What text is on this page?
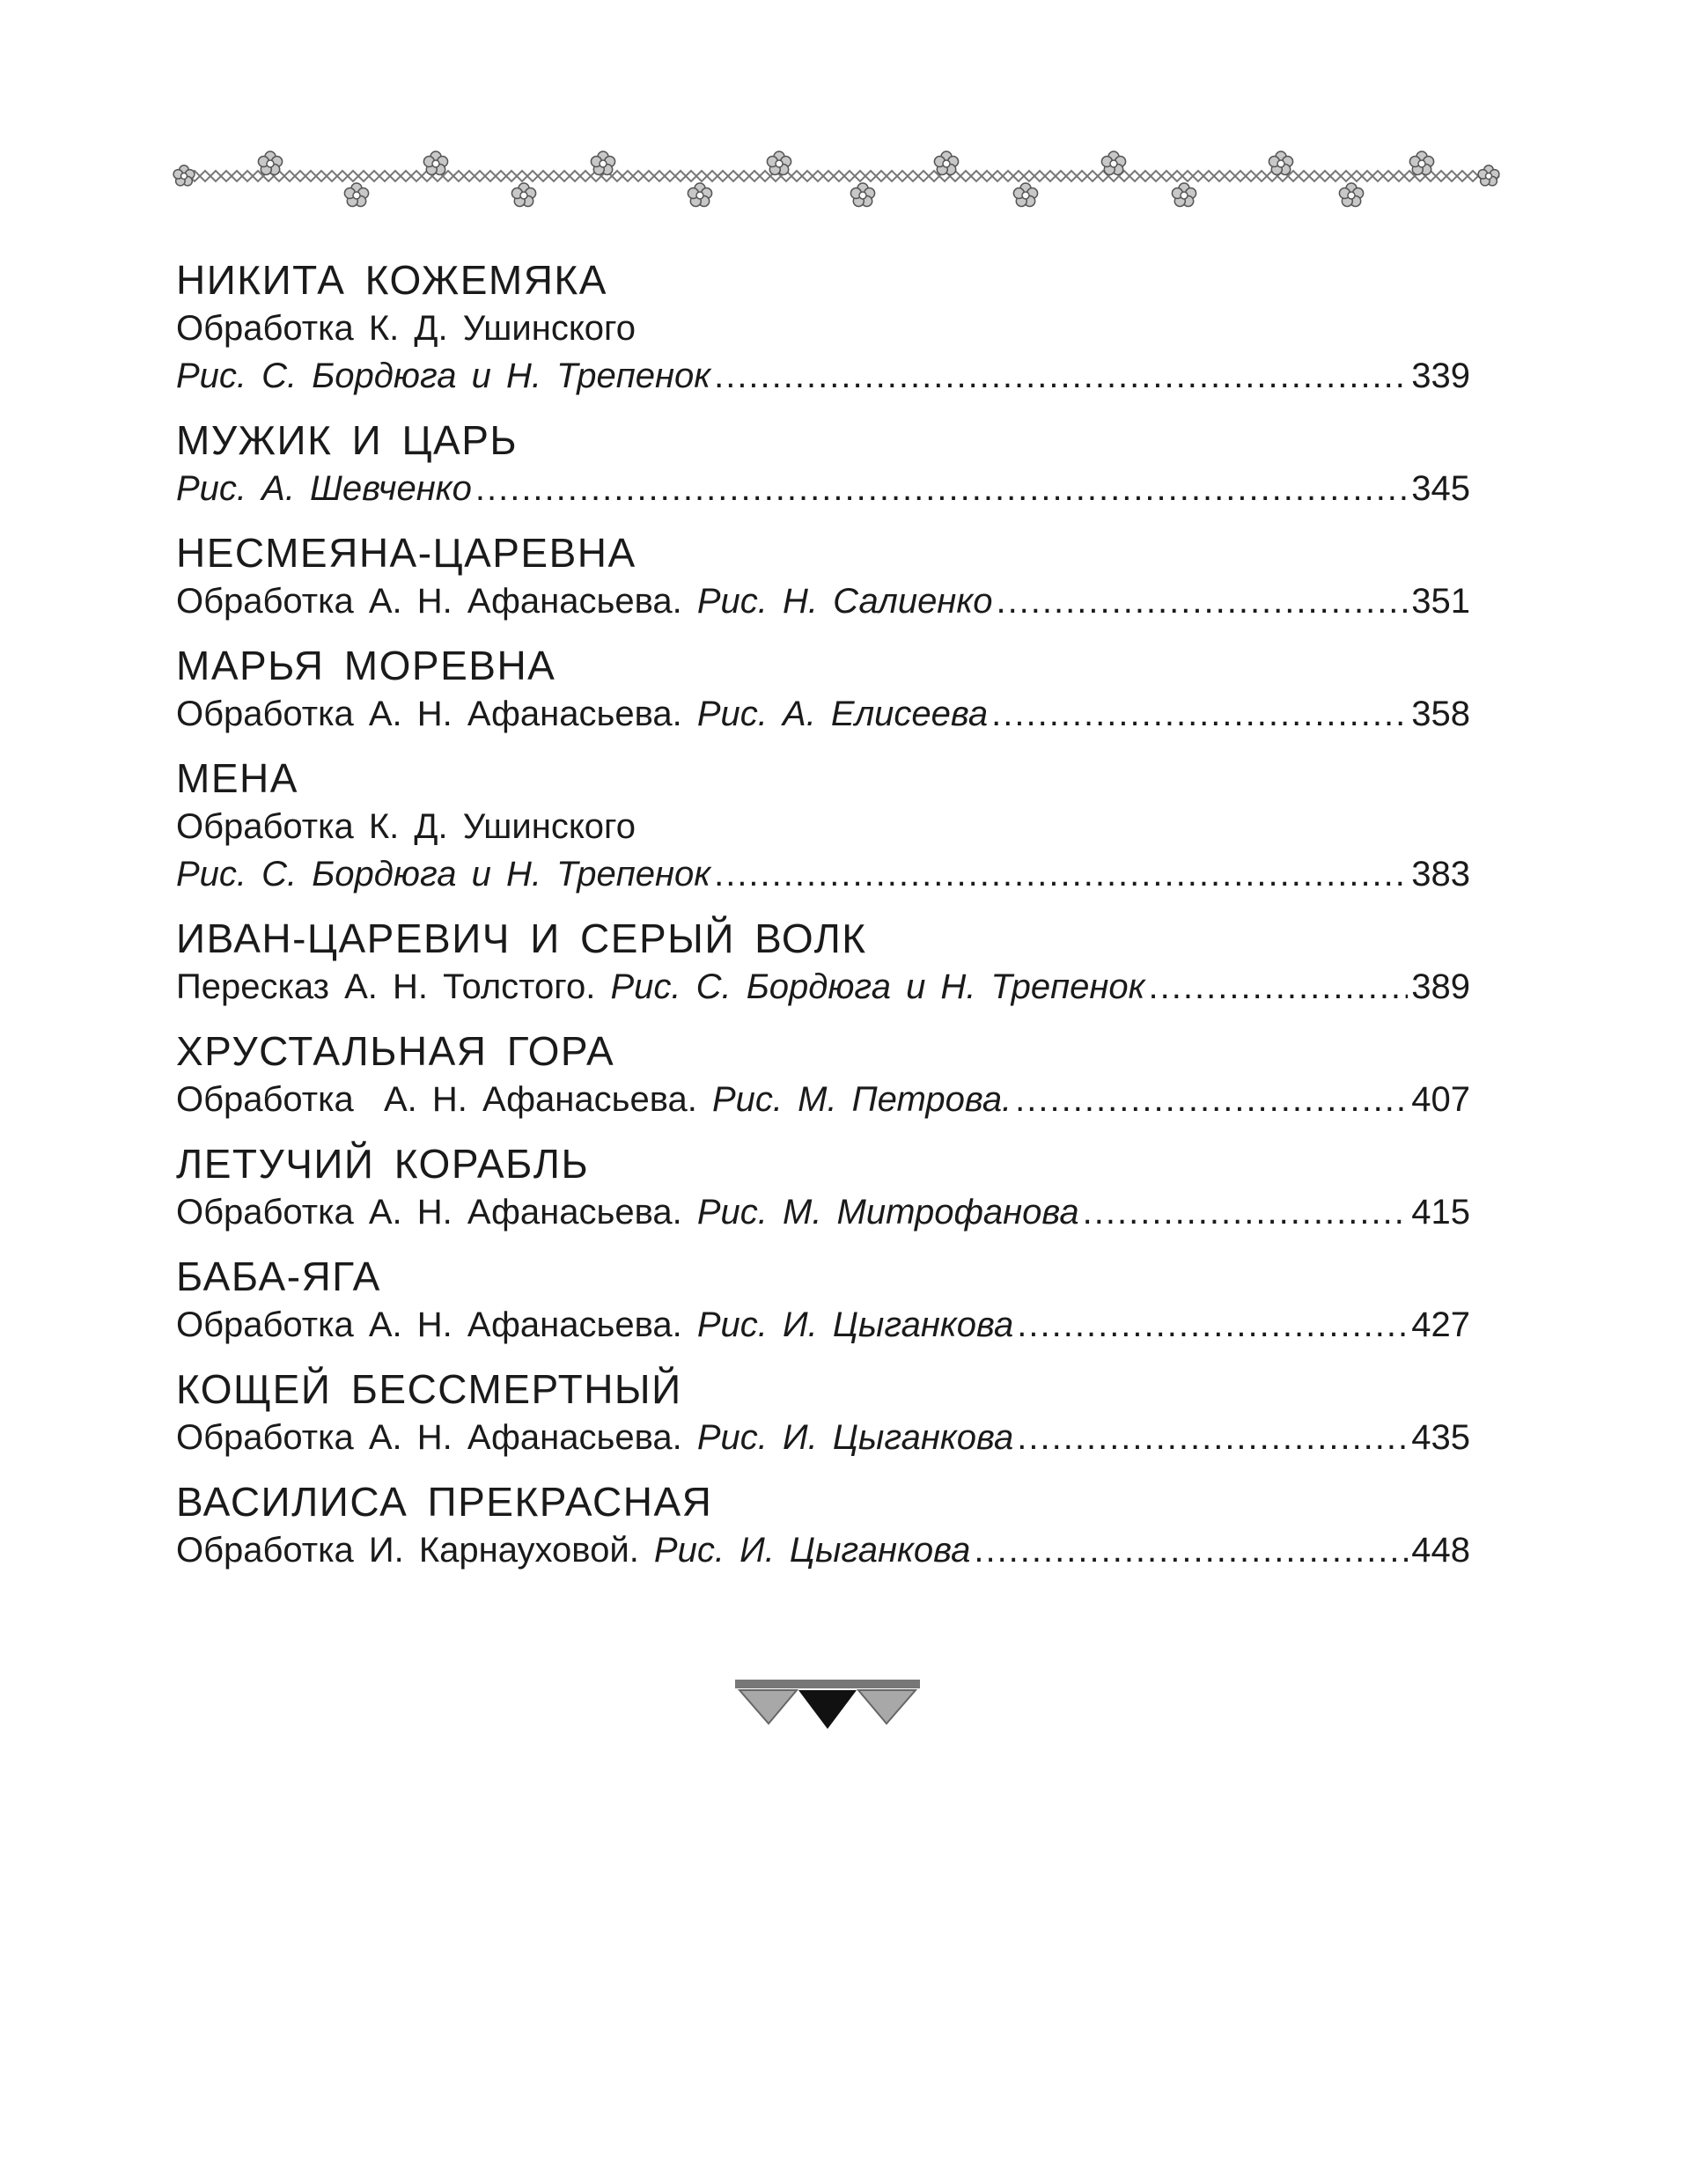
НИКИТА КОЖЕМЯКА
Обработка К. Д. Ушинского
Рис. С. Бордюга и Н. Трепенок .....	339
МУЖИК И ЦАРЬ
Рис. А. Шевченко .....	345
НЕСМЕЯНА-ЦАРЕВНА
Обработка А. Н. Афанасьева. Рис. Н. Салиенко .....	351
МАРЬЯ МОРЕВНА
Обработка А. Н. Афанасьева. Рис. А. Елисеева .....	358
МЕНА
Обработка К. Д. Ушинского
Рис. С. Бордюга и Н. Трепенок .....	383
ИВАН-ЦАРЕВИЧ И СЕРЫЙ ВОЛК
Пересказ А. Н. Толстого. Рис. С. Бордюга и Н. Трепенок .....	389
ХРУСТАЛЬНАЯ ГОРА
Обработка  А. Н. Афанасьева. Рис. М. Петрова. .....	407
ЛЕТУЧИЙ КОРАБЛЬ
Обработка А. Н. Афанасьева. Рис. М. Митрофанова .....	415
БАБА-ЯГА
Обработка А. Н. Афанасьева. Рис. И. Цыганкова .....	427
КОЩЕЙ БЕССМЕРТНЫЙ
Обработка А. Н. Афанасьева. Рис. И. Цыганкова .....	435
ВАСИЛИСА ПРЕКРАСНАЯ
Обработка И. Карнауховой. Рис. И. Цыганкова .....	448
